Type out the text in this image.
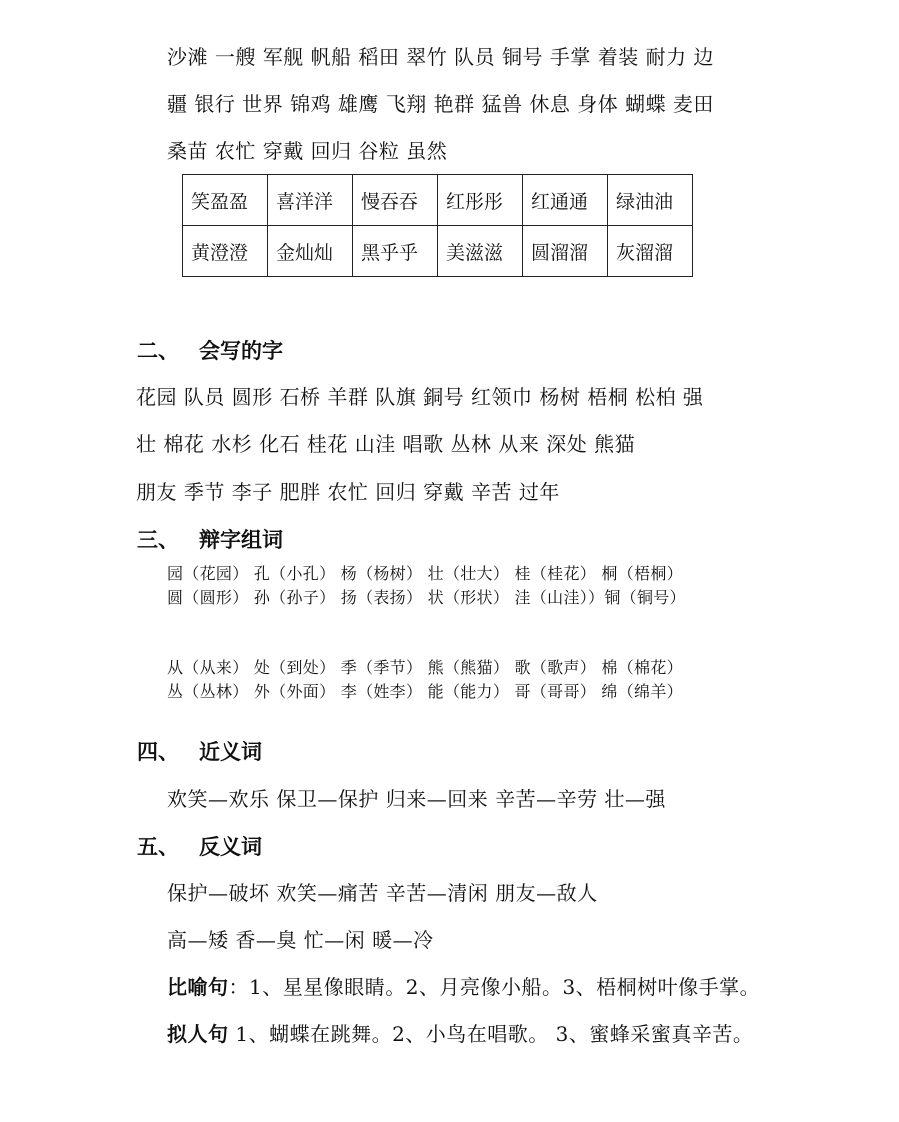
沙滩 一艘 军舰 帆船 稻田 翠竹 队员 铜号 手掌 着装 耐力 边
疆 银行 世界 锦鸡 雄鹰 飞翔 艳群 猛兽 休息 身体 蝴蝶 麦田
桑苗 农忙 穿戴 回归 谷粒 虽然
笑盈盈	喜洋洋	慢吞吞	红彤彤	红通通	绿油油
黄澄澄	金灿灿	黑乎乎	美滋滋	圆溜溜	灰溜溜
二、 会写的字
花园 队员 圆形 石桥 羊群 队旗 銅号 红领巾 杨树 梧桐 松柏 强
壮 棉花 水杉 化石 桂花 山洼 唱歌 丛林 从来 深处 熊猫
朋友 季节 李子 肥胖 农忙 回归 穿戴 辛苦 过年
三、 辩字组词
园（花园） 孔（小孔） 杨（杨树） 壮（壮大） 桂（桂花） 桐（梧桐）
圆（圆形） 孙（孙子） 扬（表扬） 状（形状） 洼（山洼））铜（铜号）
从（从来） 处（到处） 季（季节） 熊（熊猫） 歌（歌声） 棉（棉花）
丛（丛林） 外（外面） 李（姓李） 能（能力） 哥（哥哥） 绵（绵羊）
四、 近义词
欢笑—欢乐 保卫—保护 归来—回来 辛苦—辛劳 壮—强
五、 反义词
保护—破坏 欢笑—痛苦 辛苦—清闲 朋友—敌人
高—矮 香—臭 忙—闲 暖—冷
比喻句：1、星星像眼睛。2、月亮像小船。3、梧桐树叶像手掌。
拟人句 1、蝴蝶在跳舞。2、小鸟在唱歌。 3、蜜蜂采蜜真辛苦。
